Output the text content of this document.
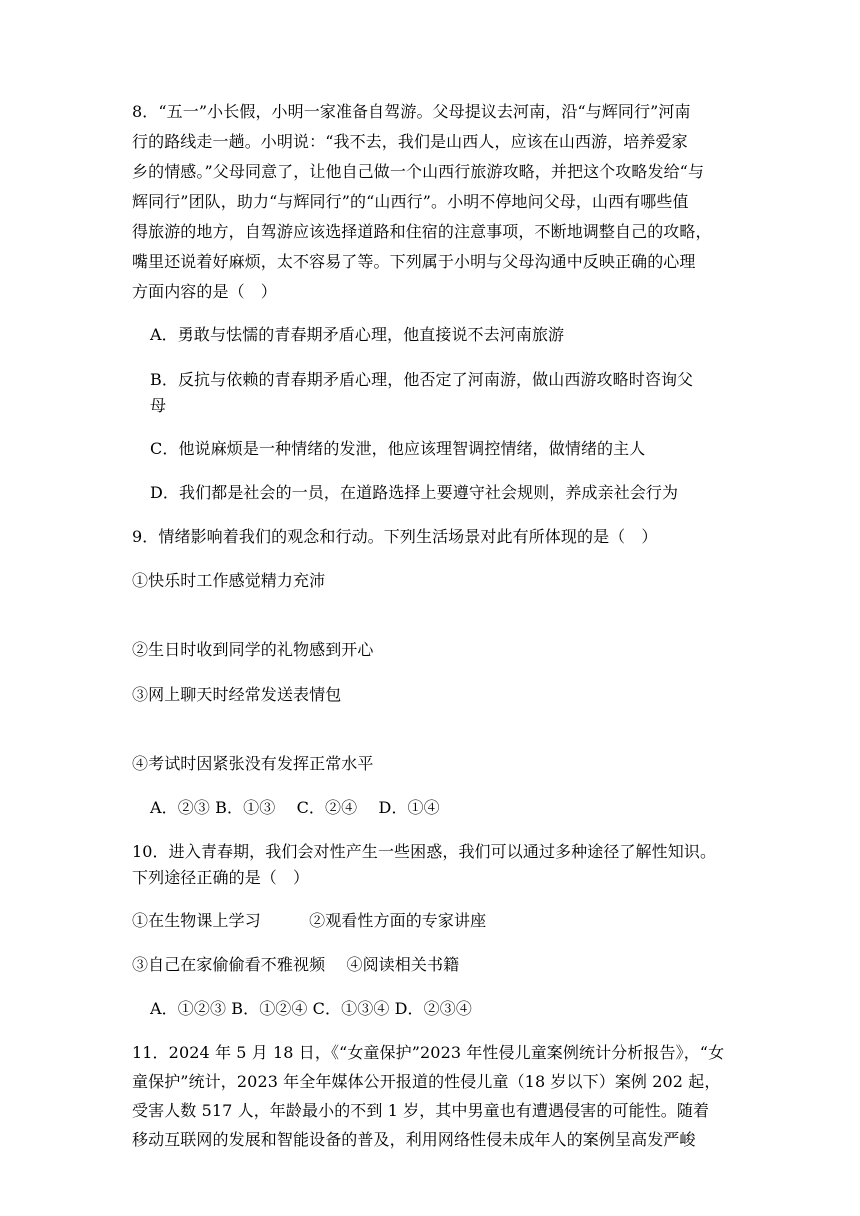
8．“五一”小长假，小明一家准备自驾游。父母提议去河南，沿“与辉同行”河南
行的路线走一趟。小明说：“我不去，我们是山西人，应该在山西游，培养爱家
乡的情感。”父母同意了，让他自己做一个山西行旅游攻略，并把这个攻略发给“与
辉同行”团队，助力“与辉同行”的“山西行”。小明不停地问父母，山西有哪些值
得旅游的地方，自驾游应该选择道路和住宿的注意事项，不断地调整自己的攻略，
嘴里还说着好麻烦，太不容易了等。下列属于小明与父母沟通中反映正确的心理
方面内容的是（　）
A．勇敢与怯懦的青春期矛盾心理，他直接说不去河南旅游
B．反抗与依赖的青春期矛盾心理，他否定了河南游，做山西游攻略时咨询父
母
C．他说麻烦是一种情绪的发泄，他应该理智调控情绪，做情绪的主人
D．我们都是社会的一员，在道路选择上要遵守社会规则，养成亲社会行为
9．情绪影响着我们的观念和行动。下列生活场景对此有所体现的是（　）
①快乐时工作感觉精力充沛
②生日时收到同学的礼物感到开心
③网上聊天时经常发送表情包
④考试时因紧张没有发挥正常水平
A．②③ B．①③　 C．②④　 D．①④
10．进入青春期，我们会对性产生一些困惑，我们可以通过多种途径了解性知识。
下列途径正确的是（　）
①在生物课上学习　　　②观看性方面的专家讲座
③自己在家偷偷看不雅视频　 ④阅读相关书籍
A．①②③ B．①②④ C．①③④ D．②③④
11．2024 年 5 月 18 日，《“女童保护”2023 年性侵儿童案例统计分析报告》，“女
童保护”统计，2023 年全年媒体公开报道的性侵儿童（18 岁以下）案例 202 起，
受害人数 517 人，年龄最小的不到 1 岁，其中男童也有遭遇侵害的可能性。随着
移动互联网的发展和智能设备的普及，利用网络性侵未成年人的案例呈高发严峻
